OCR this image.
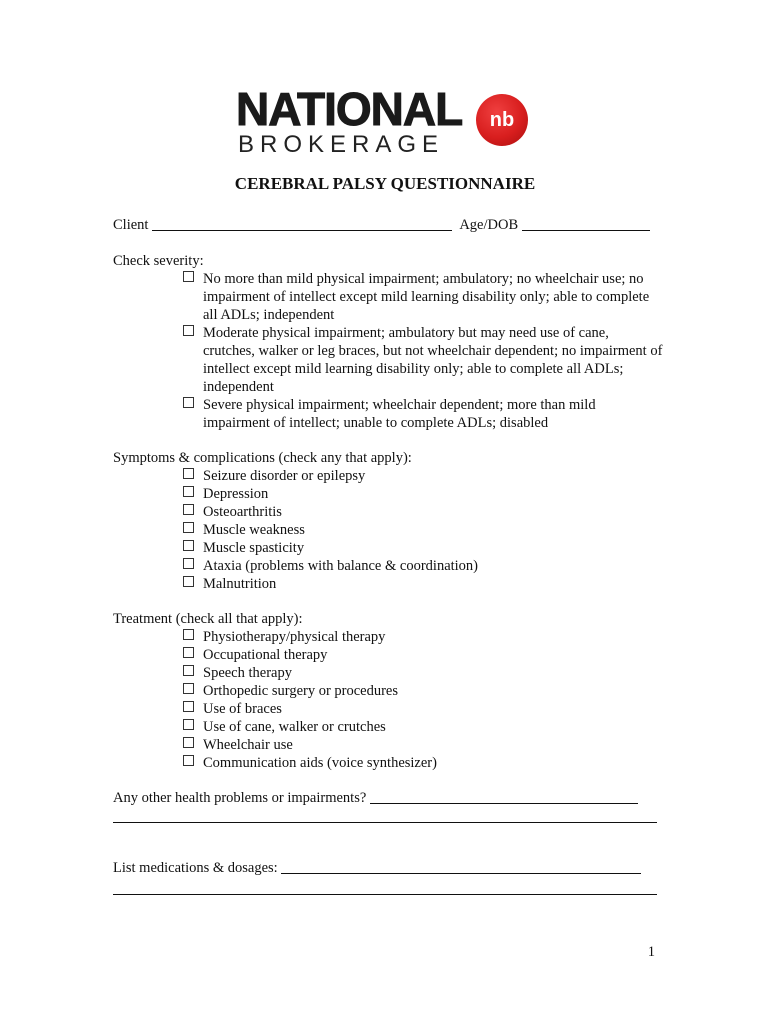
NATIONAL	nb
BROKERAGE
CEREBRAL PALSY QUESTIONNAIRE
Client	Age/DOB
Check severity:
No more than mild physical impairment; ambulatory; no wheelchair use; no impairment of intellect except mild learning disability only; able to complete all ADLs; independent
Moderate physical impairment; ambulatory but may need use of cane, crutches, walker or leg braces, but not wheelchair dependent; no impairment of intellect except mild learning disability only; able to complete all ADLs; independent
Severe physical impairment; wheelchair dependent; more than mild impairment of intellect; unable to complete ADLs; disabled
Symptoms & complications (check any that apply):
Seizure disorder or epilepsy
Depression
Osteoarthritis
Muscle weakness
Muscle spasticity
Ataxia (problems with balance & coordination)
Malnutrition
Treatment (check all that apply):
Physiotherapy/physical therapy
Occupational therapy
Speech therapy
Orthopedic surgery or procedures
Use of braces
Use of cane, walker or crutches
Wheelchair use
Communication aids (voice synthesizer)
Any other health problems or impairments?
List medications & dosages:
1
